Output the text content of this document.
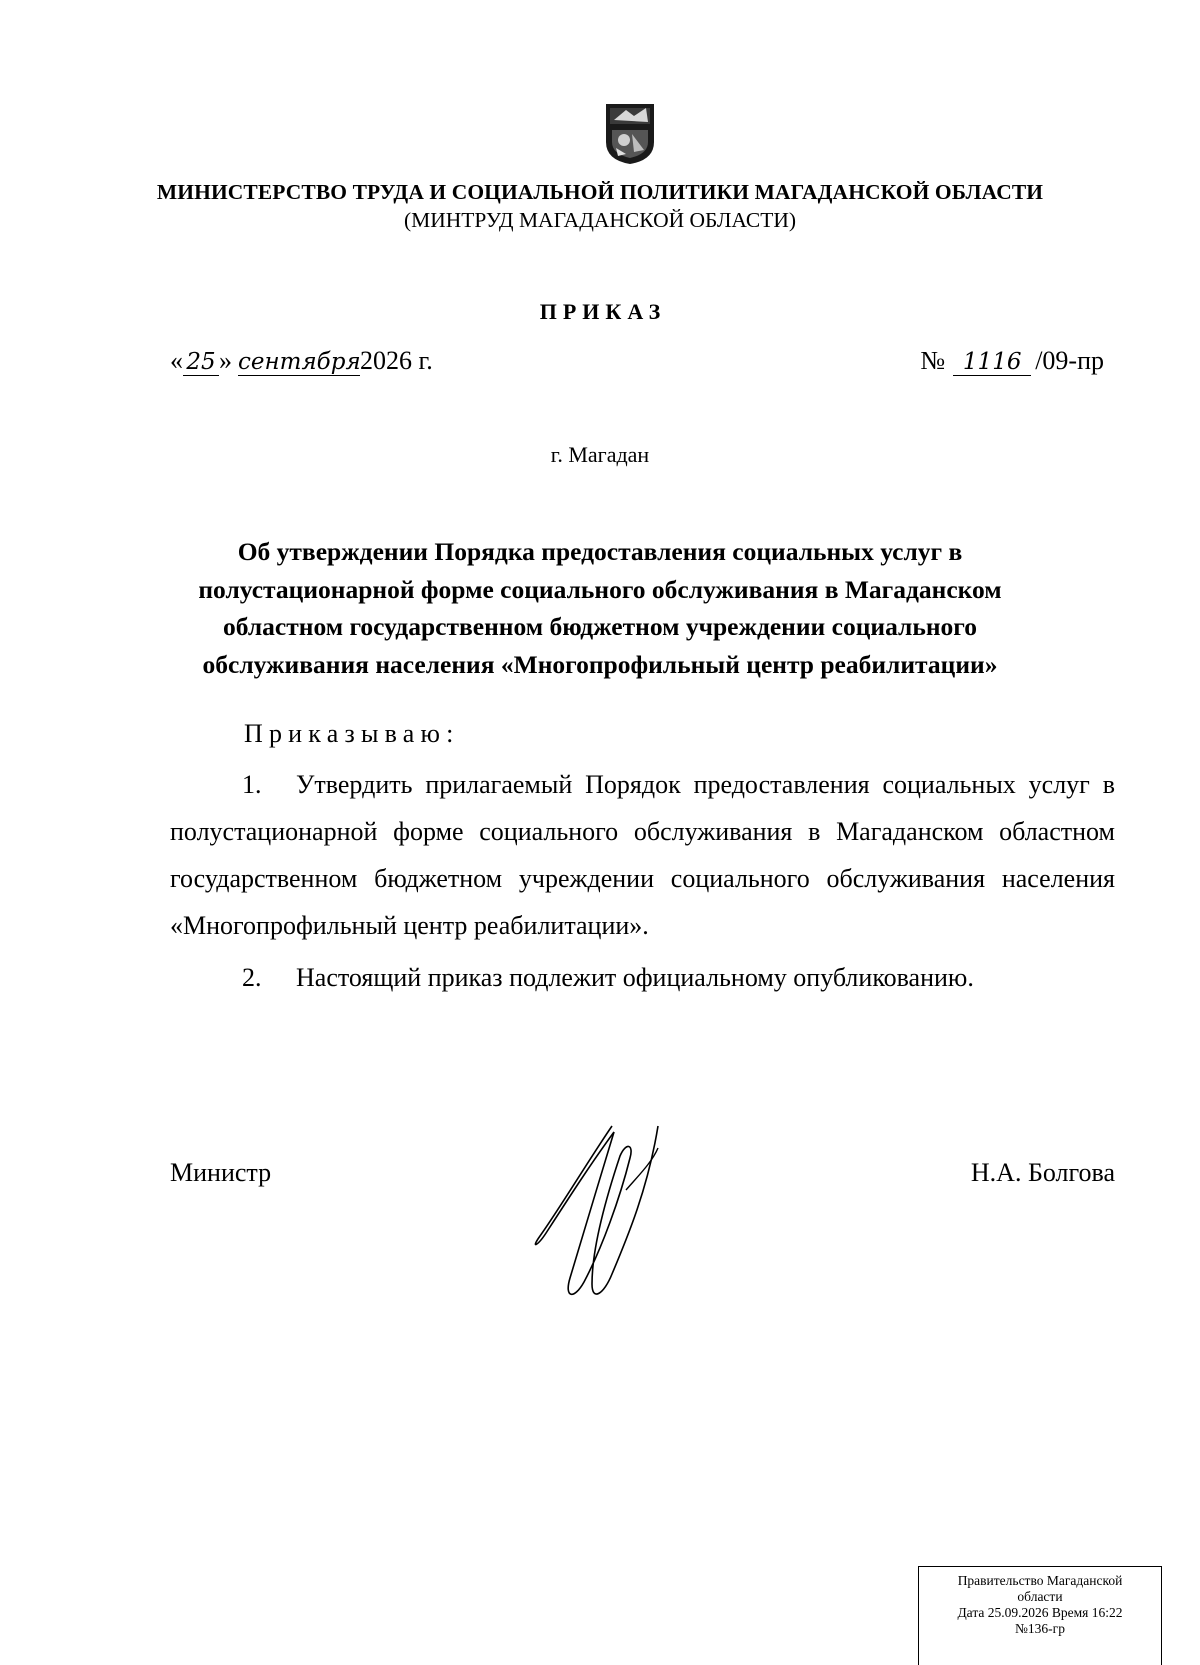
МИНИСТЕРСТВО ТРУДА И СОЦИАЛЬНОЙ ПОЛИТИКИ МАГАДАНСКОЙ ОБЛАСТИ
(МИНТРУД МАГАДАНСКОЙ ОБЛАСТИ)
ПРИКАЗ
« 25 » сентября2026 г.	№ 1116 /09-пр
г. Магадан
Об утверждении Порядка предоставления социальных услуг в полустационарной форме социального обслуживания в Магаданском областном государственном бюджетном учреждении социального обслуживания населения «Многопрофильный центр реабилитации»
Приказываю:
1. Утвердить прилагаемый Порядок предоставления социальных услуг в полустационарной форме социального обслуживания в Магаданском областном государственном бюджетном учреждении социального обслуживания населения «Многопрофильный центр реабилитации».
2. Настоящий приказ подлежит официальному опубликованию.
Министр	Н.А. Болгова
Правительство Магаданской
области
Дата 25.09.2026 Время 16:22
№136-гр
